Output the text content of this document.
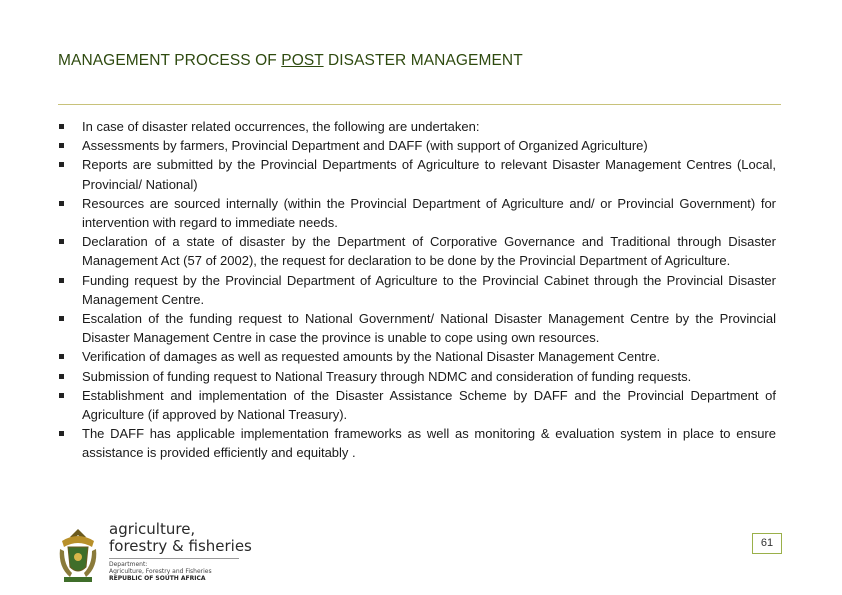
MANAGEMENT PROCESS OF POST DISASTER MANAGEMENT
In case of disaster related occurrences, the following are undertaken:
Assessments by farmers, Provincial Department and DAFF (with support of Organized Agriculture)
Reports are submitted by the Provincial Departments of Agriculture to relevant Disaster Management Centres (Local, Provincial/ National)
Resources are sourced internally (within the Provincial Department of Agriculture and/ or Provincial Government) for intervention with regard to immediate needs.
Declaration of a state of disaster by the Department of Corporative Governance and Traditional through Disaster Management Act (57 of 2002), the request for declaration to be done by the Provincial Department of Agriculture.
Funding request by the Provincial Department of Agriculture to the Provincial Cabinet through the Provincial Disaster Management Centre.
Escalation of the funding request to National Government/ National Disaster Management Centre by the Provincial Disaster Management Centre in case the province is unable to cope using own resources.
Verification of damages as well as requested amounts by the National Disaster Management Centre.
Submission of funding request to National Treasury through NDMC and consideration of funding requests.
Establishment and implementation of the Disaster Assistance Scheme by DAFF and the Provincial Department of Agriculture (if approved by National Treasury).
The DAFF has applicable implementation frameworks as well as monitoring & evaluation system in place to ensure assistance is provided efficiently and equitably .
agriculture,
forestry & fisheries
Department:
Agriculture, Forestry and Fisheries
REPUBLIC OF SOUTH AFRICA
61
